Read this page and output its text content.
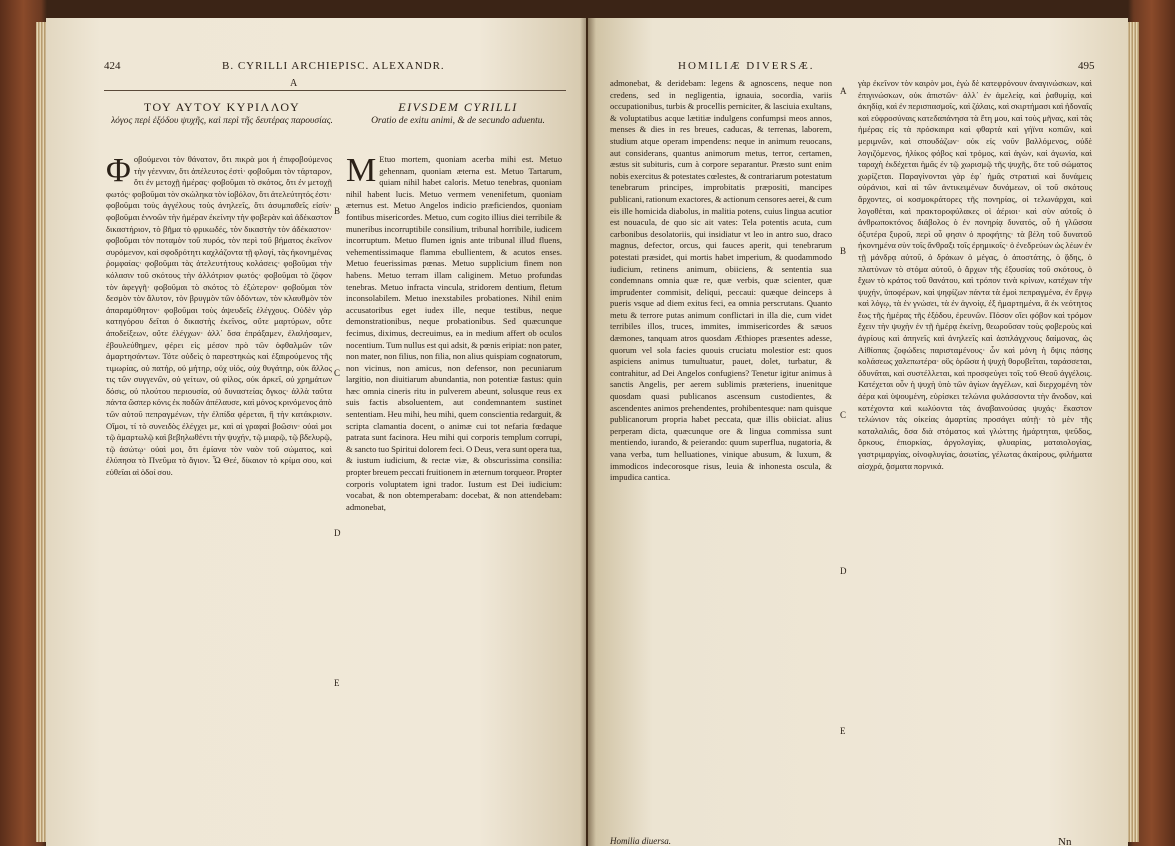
424	B. CYRILLI ARCHIEPISC. ALEXANDR.
A
ΤΟΥ ΑΥΤΟΥ ΚΥΡΙΛΛΟΥ
λόγος περὶ ἐξόδου ψυχῆς, καὶ περὶ τῆς δευτέρας παρουσίας.
EIVSDEM CYRILLI
Oratio de exitu animi, & de secundo aduentu.
Φ οβούμενοι τὸν θάνατον, ὅτι πικρὰ μοι ἡ ἐπιφοβούμενος τὴν γέενναν, ὅτι ἀπέλευτος ἐστὶ· φοβοῦμαι τὸν τάρταρον, ὅτι ἐν μετοχῇ ἡμέρας· φοβοῦμαι τὸ σκότος, ὅτι ἐν μετοχῇ φωτός· φοβοῦμαι τὸν σκώληκα τὸν ἰοβόλον, ὅτι ἀτελεύτητός ἐστι· φοβοῦμαι τοὺς ἀγγέλους τοὺς ἀνηλεεῖς, ὅτι ἀσυμπαθεῖς εἰσίν· φοβοῦμαι ἐννοῶν τὴν ἡμέραν ἐκείνην τὴν φοβερὰν καὶ ἀδέκαστον δικαστήριον, τὸ βῆμα τὸ φρικωδές, τὸν δικαστὴν τὸν ἀδέκαστον· φοβοῦμαι τὸν ποταμὸν τοῦ πυρός, τὸν περὶ τοῦ βήματος ἐκεῖνον συρόμενον, καὶ σφοδρότητι καχλάζοντα τῇ φλογί, τὰς ἠκονημένας ῥομφαίας· φοβοῦμαι τὰς ἀτελευτήτους κολάσεις· φοβοῦμαι τὴν κόλασιν τοῦ σκότους τὴν ἀλλότριον φωτός· φοβοῦμαι τὸ ζόφον τὸν ἀφεγγῆ· φοβοῦμαι τὸ σκότος τὸ ἐξώτερον· φοβοῦμαι τὸν δεσμὸν τὸν ἄλυτον, τὸν βρυγμὸν τῶν ὀδόντων, τὸν κλαυθμὸν τὸν ἀπαραμύθητον· φοβοῦμαι τοὺς ἀψευδεῖς ἐλέγχους. Οὐδὲν γὰρ κατηγόρου δεῖται ὁ δικαστὴς ἐκεῖνος, οὔτε μαρτύρων, οὔτε ἀποδείξεων, οὔτε ἐλέγχων· ἀλλ᾽ ὅσα ἐπράξαμεν, ἐλαλήσαμεν, ἐβουλεύθημεν, φέρει εἰς μέσον πρὸ τῶν ὀφθαλμῶν τῶν ἁμαρτησάντων. Τότε οὐδεὶς ὁ παρεστηκὼς καὶ ἐξαιρούμενος τῆς τιμωρίας, οὐ πατήρ, οὐ μήτηρ, οὐχ υἱός, οὐχ θυγάτηρ, οὐκ ἄλλος τις τῶν συγγενῶν, οὐ γείτων, οὐ φίλος, οὐκ ἀρκεῖ, οὐ χρημάτων δόσις, οὐ πλούτου περιουσία, οὐ δυναστείας ὄγκος· ἀλλὰ ταῦτα πάντα ὥσπερ κόνις ἐκ ποδῶν ἀπέλαυσε, καὶ μόνος κρινόμενος ἀπὸ τῶν αὐτοῦ πεπραγμένων, τὴν ἐλπίδα φέρεται, ἢ τὴν κατάκρισιν. Οἴμοι, τί τὸ συνειδὸς ἐλέγχει με, καὶ αἱ γραφαὶ βοῶσιν· οὐαὶ μοι τῷ ἁμαρτωλῷ καὶ βεβηλωθέντι τὴν ψυχήν, τῷ μιαρῷ, τῷ βδελυρῷ, τῷ ἀσώτῳ· οὐαὶ μοι, ὅτι ἐμίανα τὸν ναὸν τοῦ σώματος, καὶ ἐλύπησα τὸ Πνεῦμα τὸ ἅγιον. Ὦ Θεέ, δίκαιον τὸ κρίμα σου, καὶ εὐθεῖαι αἱ ὁδοί σου.

M Etuo mortem, quoniam acerba mihi est. Metuo gehennam, quoniam æterna est. Metuo Tartarum, quiam nihil habet caloris. Metuo tenebras, quoniam nihil habent lucis. Metuo vermem venenifetum, quoniam æternus est. Metuo Angelos indicio præficiendos, quoniam fontibus misericordes. Metuo, cum cogito illius diei terribile & muneribus incorruptibile consilium, tribunal horribile, iudicem incorruptum. Metuo flumen ignis ante tribunal illud fluens, vehementissimaque flamma ebullientem, & acutos enses. Metuo feuerissimas pœnas. Metuo supplicium finem non habens. Metuo terram illam caliginem. Metuo profundas tenebras. Metuo infracta vincula, stridorem dentium, fletum inconsolabilem. Metuo inexstabiles probationes. Nihil enim accusatoribus eget iudex ille, neque testibus, neque demonstrationibus, neque probationibus. Sed quæcunque fecimus, diximus, decreuimus, ea in medium affert ob oculos nocentium. Tum nullus est qui adsit, & pœnis eripiat: non pater, non mater, non filius, non filia, non alius quispiam cognatorum, non vicinus, non amicus, non defensor, non pecuniarum largitio, non diuitiarum abundantia, non potentiæ fastus: quin hæc omnia cineris ritu in pulverem abeunt, solusque reus ex suis factis absoluentem, aut condemnantem sustinet sententiam. Heu mihi, heu mihi, quem conscientia redarguit, & scripta clamantia docent, o animæ cui tot nefaria fœdaque patrata sunt facinora. Heu mihi qui corporis templum corrupi, & sancto tuo Spiritui dolorem feci. O Deus, vera sunt opera tua, & iustum iudicium, & rectæ viæ, & obscurissima consilia: propter breuem peccati fruitionem in æternum torqueor. Propter corporis voluptatem igni trador. Iustum est Dei iudicium: vocabat, & non obtemperabam: docebat, & non attendebam: admonebat,

B
C
D
E
HOMILIÆ DIVERSÆ.	495

admonebat, & deridebam: legens & agnoscens, neque non credens, sed in negligentia, ignauia, socordia, variis occupationibus, turbis & procellis perniciter, & lasciuia exultans, & voluptatibus acque lætitiæ indulgens confumpsi meos annos, menses & dies in res breues, caducas, & terrenas, laborem, studium atque operam impendens: neque in animum reuocans, aut considerans, quantus animorum metus, terror, certamen, æstus sit subituris, cum à corpore separantur. Præsto sunt enim nobis exercitus & potestates cœlestes, & contrariarum potestatum tenebrarum principes, improbitatis præpositi, mancipes publicani, rationum exactores, & actionum censores aerei, & cum eis ille homicida diabolus, in malitia potens, cuius lingua acutior est nouacula, de quo sic ait vates: Tela potentis acuta, cum carbonibus desolatoriis, qui insidiatur vt leo in antro suo, draco magnus, defector, orcus, qui fauces aperit, qui tenebrarum potestati præsidet, qui mortis habet imperium, & quodammodo iudicium, retinens animum, obiiciens, & sententia sua condemnans omnia quæ re, quæ verbis, quæ scienter, quæ imprudenter commisit, deliqui, peccaui: quæque deinceps à pueris vsque ad diem exitus feci, ea omnia perscrutans. Quanto metu & terrore putas animum conflictari in illa die, cum videt terribiles illos, truces, immites, immisericordes & sæuos dæmones, tanquam atros quosdam Æthiopes præsentes adesse, quorum vel sola facies quouis cruciatu molestior est: quos aspiciens animus tumultuatur, pauet, dolet, turbatur, & contrahitur, ad Dei Angelos confugiens? Tenetur igitur animus à sanctis Angelis, per aerem sublimis præteriens, inuenitque quosdam quasi publicanos ascensum custodientes, & ascendentes animos prehendentes, prohibentesque: nam quisque publicanorum propria habet peccata, quæ illis obiiciat. alius perperam dicta, quæcunque ore & lingua commissa sunt mentiendo, iurando, & peierando: quum superflua, nugatoria, & vana verba, tum helluationes, vinique abusum, & luxum, & immodicos indecorosque risus, leuia & inhonesta oscula, & impudica cantica.

γὰρ ἐκεῖνον τὸν καιρὸν μοι, ἐγὼ δὲ κατεφρόνουν ἀναγινώσκων, καὶ ἐπιγινώσκων, οὐκ ἀπιστῶν· ἀλλ᾽ ἐν ἀμελείᾳ, καὶ ῥαθυμίᾳ, καὶ ἀκηδίᾳ, καὶ ἐν περισπασμοῖς, καὶ ζάλαις, καὶ σκιρτήμασι καὶ ἡδοναῖς καὶ εὐφροσύναις κατεδαπάνησα τὰ ἔτη μου, καὶ τοὺς μῆνας, καὶ τὰς ἡμέρας εἰς τὰ πρόσκαιρα καὶ φθαρτὰ καὶ γήϊνα κοπιῶν, καὶ μεριμνῶν, καὶ σπουδάζων· οὐκ εἰς νοῦν βαλλόμενος, οὐδὲ λογιζόμενος, ἡλίκος φόβος καὶ τρόμος, καὶ ἀγὼν, καὶ ἀγωνία, καὶ ταραχὴ ἐκδέχεται ἡμᾶς ἐν τῷ χωρισμῷ τῆς ψυχῆς, ὅτε τοῦ σώματος χωρίζεται. Παραγίνονται γὰρ ἐφ᾽ ἡμᾶς στρατιαὶ καὶ δυνάμεις οὐράνιοι, καὶ αἱ τῶν ἀντικειμένων δυνάμεων, οἱ τοῦ σκότους ἄρχοντες, οἱ κοσμοκράτορες τῆς πονηρίας, οἱ τελωνάρχαι, καὶ λογοθέται, καὶ πρακτοροφύλακες οἱ ἀέριοι· καὶ σὺν αὐτοῖς ὁ ἀνθρωποκτόνος διάβολος ὁ ἐν πονηρίᾳ δυνατός, οὗ ἡ γλῶσσα ὀξυτέρα ξυροῦ, περὶ οὗ φησιν ὁ προφήτης· τὰ βέλη τοῦ δυνατοῦ ἠκονημένα σὺν τοῖς ἄνθραξι τοῖς ἐρημικοῖς· ὁ ἐνεδρεύων ὡς λέων ἐν τῇ μάνδρᾳ αὐτοῦ, ὁ δράκων ὁ μέγας, ὁ ἀποστάτης, ὁ ᾅδης, ὁ πλατύνων τὸ στόμα αὐτοῦ, ὁ ἄρχων τῆς ἐξουσίας τοῦ σκότους, ὁ ἔχων τὸ κράτος τοῦ θανάτου, καὶ τρόπον τινὰ κρίνων, κατέχων τὴν ψυχήν, ὑποφέρων, καὶ ψηφίζων πάντα τὰ ἐμοὶ πεπραγμένα, ἐν ἔργῳ καὶ λόγῳ, τὰ ἐν γνώσει, τὰ ἐν ἀγνοίᾳ, ἐξ ἡμαρτημένα, ἃ ἐκ νεότητος ἕως τῆς ἡμέρας τῆς ἐξόδου, ἐρευνῶν. Πόσον οἴει φόβον καὶ τρόμον ἔχειν τὴν ψυχὴν ἐν τῇ ἡμέρᾳ ἐκείνῃ, θεωροῦσαν τοὺς φοβεροὺς καὶ ἀγρίους καὶ ἀπηνεῖς καὶ ἀνηλεεῖς καὶ ἀσπλάγχνους δαίμονας, ὡς Αἰθίοπας ζοφώδεις παρισταμένους· ὧν καὶ μόνη ἡ ὄψις πάσης κολάσεως χαλεπωτέρα· οὓς ὁρῶσα ἡ ψυχὴ θορυβεῖται, ταράσσεται, ὀδυνᾶται, καὶ συστέλλεται, καὶ προσφεύγει τοῖς τοῦ Θεοῦ ἀγγέλοις. Κατέχεται οὖν ἡ ψυχὴ ὑπὸ τῶν ἁγίων ἀγγέλων, καὶ διερχομένη τὸν ἀέρα καὶ ὑψουμένη, εὑρίσκει τελώνια φυλάσσοντα τὴν ἄνοδον, καὶ κατέχοντα καὶ κωλύοντα τὰς ἀναβαινούσας ψυχάς· ἕκαστον τελώνιον τὰς οἰκείας ἁμαρτίας προσάγει αὐτῇ· τὸ μὲν τῆς καταλαλιᾶς, ὅσα διὰ στόματος καὶ γλώττης ἡμάρτηται, ψεῦδος, ὅρκους, ἐπιορκίας, ἀργολογίας, φλυαρίας, ματαιολογίας, γαστριμαργίας, οἰνοφλυγίας, ἀσωτίας, γέλωτας ἀκαίρους, φιλήματα αἰσχρά, ᾄσματα πορνικά.

A
B
C
D
E
Homilia diuersa.	Nn
